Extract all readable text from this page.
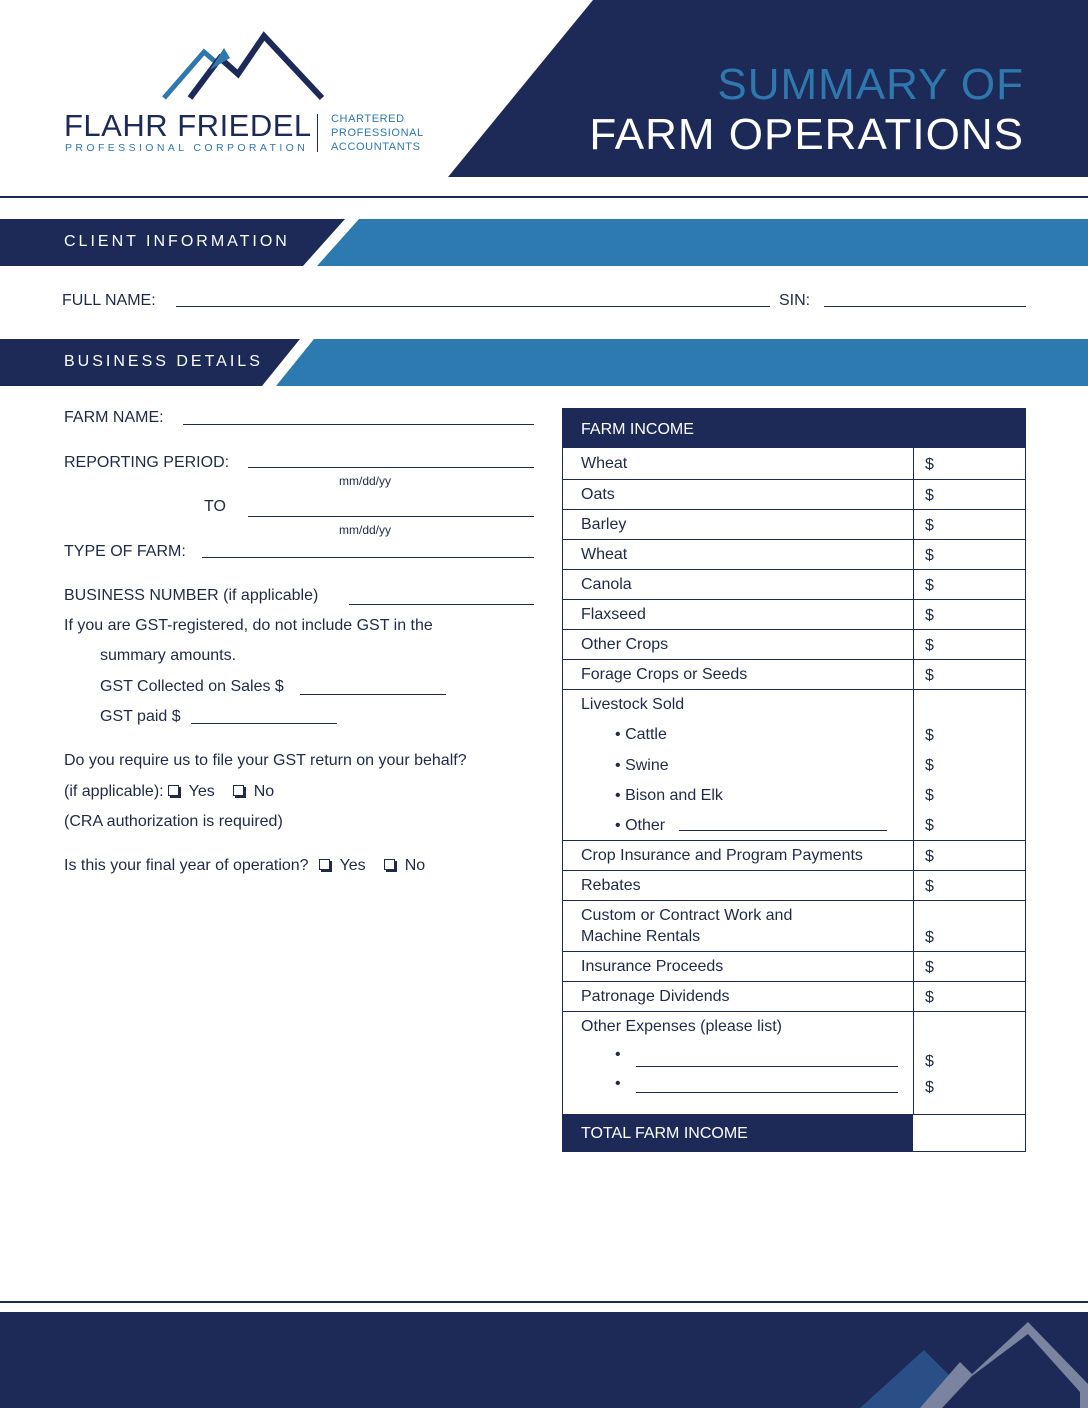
SUMMARY OF
FARM OPERATIONS
FLAHR FRIEDEL
PROFESSIONAL CORPORATION
CHARTERED
PROFESSIONAL
ACCOUNTANTS
CLIENT INFORMATION
FULL NAME:	SIN:
BUSINESS DETAILS
FARM NAME:
REPORTING PERIOD:
mm/dd/yy
TO
mm/dd/yy
TYPE OF FARM:
BUSINESS NUMBER (if applicable)
If you are GST-registered, do not include GST in the
summary amounts.
GST Collected on Sales $
GST paid $
Do you require us to file your GST return on your behalf?
(if applicable): Yes No
(CRA authorization is required)
Is this your final year of operation? Yes No
FARM INCOME
Wheat	$
Oats	$
Barley	$
Wheat	$
Canola	$
Flaxseed	$
Other Crops	$
Forage Crops or Seeds	$
Livestock Sold
• Cattle	$
• Swine	$
• Bison and Elk	$
• Other	$
Crop Insurance and Program Payments	$
Rebates	$
Custom or Contract Work and
Machine Rentals	$
Insurance Proceeds	$
Patronage Dividends	$
Other Expenses (please list)
•	$
•	$
TOTAL FARM INCOME
